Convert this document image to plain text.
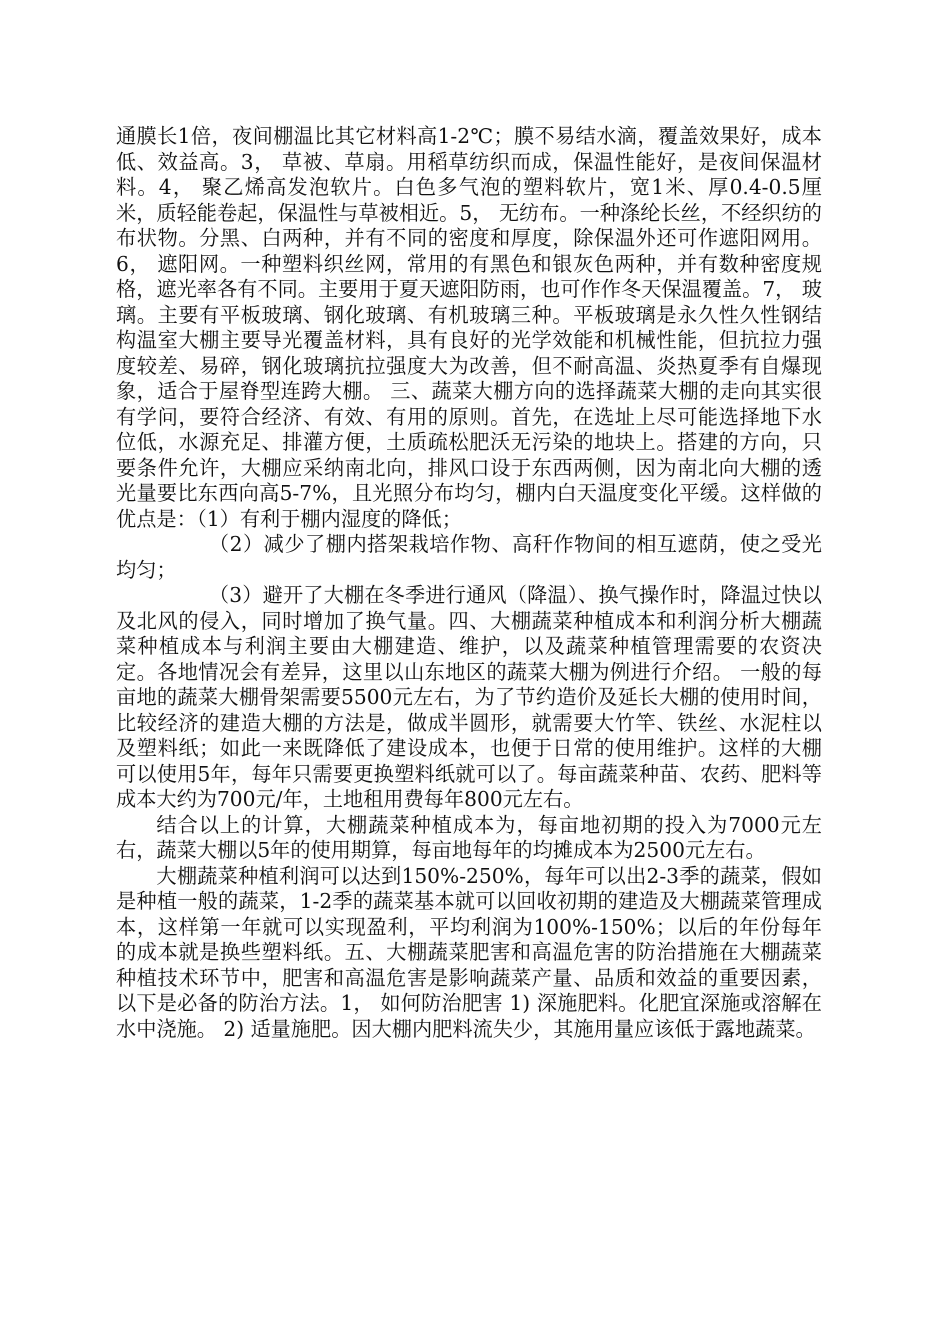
通膜长1倍，夜间棚温比其它材料高1-2℃；膜不易结水滴，覆盖效果好，成本低、效益高。3， 草被、草扇。用稻草纺织而成，保温性能好，是夜间保温材料。4， 聚乙烯高发泡软片。白色多气泡的塑料软片，宽1米、厚0.4-0.5厘米，质轻能卷起，保温性与草被相近。5， 无纺布。一种涤纶长丝，不经织纺的布状物。分黑、白两种，并有不同的密度和厚度，除保温外还可作遮阳网用。6， 遮阳网。一种塑料织丝网，常用的有黑色和银灰色两种，并有数种密度规格，遮光率各有不同。主要用于夏天遮阳防雨，也可作作冬天保温覆盖。7， 玻璃。主要有平板玻璃、钢化玻璃、有机玻璃三种。平板玻璃是永久性久性钢结构温室大棚主要导光覆盖材料，具有良好的光学效能和机械性能，但抗拉力强度较差、易碎，钢化玻璃抗拉强度大为改善，但不耐高温、炎热夏季有自爆现象，适合于屋脊型连跨大棚。 三、蔬菜大棚方向的选择蔬菜大棚的走向其实很有学问，要符合经济、有效、有用的原则。首先，在选址上尽可能选择地下水位低，水源充足、排灌方便，土质疏松肥沃无污染的地块上。搭建的方向，只要条件允许，大棚应采纳南北向，排风口设于东西两侧，因为南北向大棚的透光量要比东西向高5-7%，且光照分布均匀，棚内白天温度变化平缓。这样做的优点是：（1）有利于棚内湿度的降低；

（2）减少了棚内搭架栽培作物、高秆作物间的相互遮荫，使之受光均匀；

（3）避开了大棚在冬季进行通风（降温）、换气操作时，降温过快以及北风的侵入，同时增加了换气量。四、大棚蔬菜种植成本和利润分析大棚蔬菜种植成本与利润主要由大棚建造、维护，以及蔬菜种植管理需要的农资决定。各地情况会有差异，这里以山东地区的蔬菜大棚为例进行介绍。 一般的每亩地的蔬菜大棚骨架需要5500元左右，为了节约造价及延长大棚的使用时间，比较经济的建造大棚的方法是，做成半圆形，就需要大竹竿、铁丝、水泥柱以及塑料纸；如此一来既降低了建设成本，也便于日常的使用维护。这样的大棚可以使用5年，每年只需要更换塑料纸就可以了。每亩蔬菜种苗、农药、肥料等成本大约为700元/年，土地租用费每年800元左右。

结合以上的计算，大棚蔬菜种植成本为，每亩地初期的投入为7000元左右，蔬菜大棚以5年的使用期算，每亩地每年的均摊成本为2500元左右。

大棚蔬菜种植利润可以达到150%-250%，每年可以出2-3季的蔬菜，假如是种植一般的蔬菜，1-2季的蔬菜基本就可以回收初期的建造及大棚蔬菜管理成本，这样第一年就可以实现盈利，平均利润为100%-150%；以后的年份每年的成本就是换些塑料纸。五、大棚蔬菜肥害和高温危害的防治措施在大棚蔬菜种植技术环节中，肥害和高温危害是影响蔬菜产量、品质和效益的重要因素，以下是必备的防治方法。1， 如何防治肥害 1) 深施肥料。化肥宜深施或溶解在水中浇施。 2) 适量施肥。因大棚内肥料流失少，其施用量应该低于露地蔬菜。
